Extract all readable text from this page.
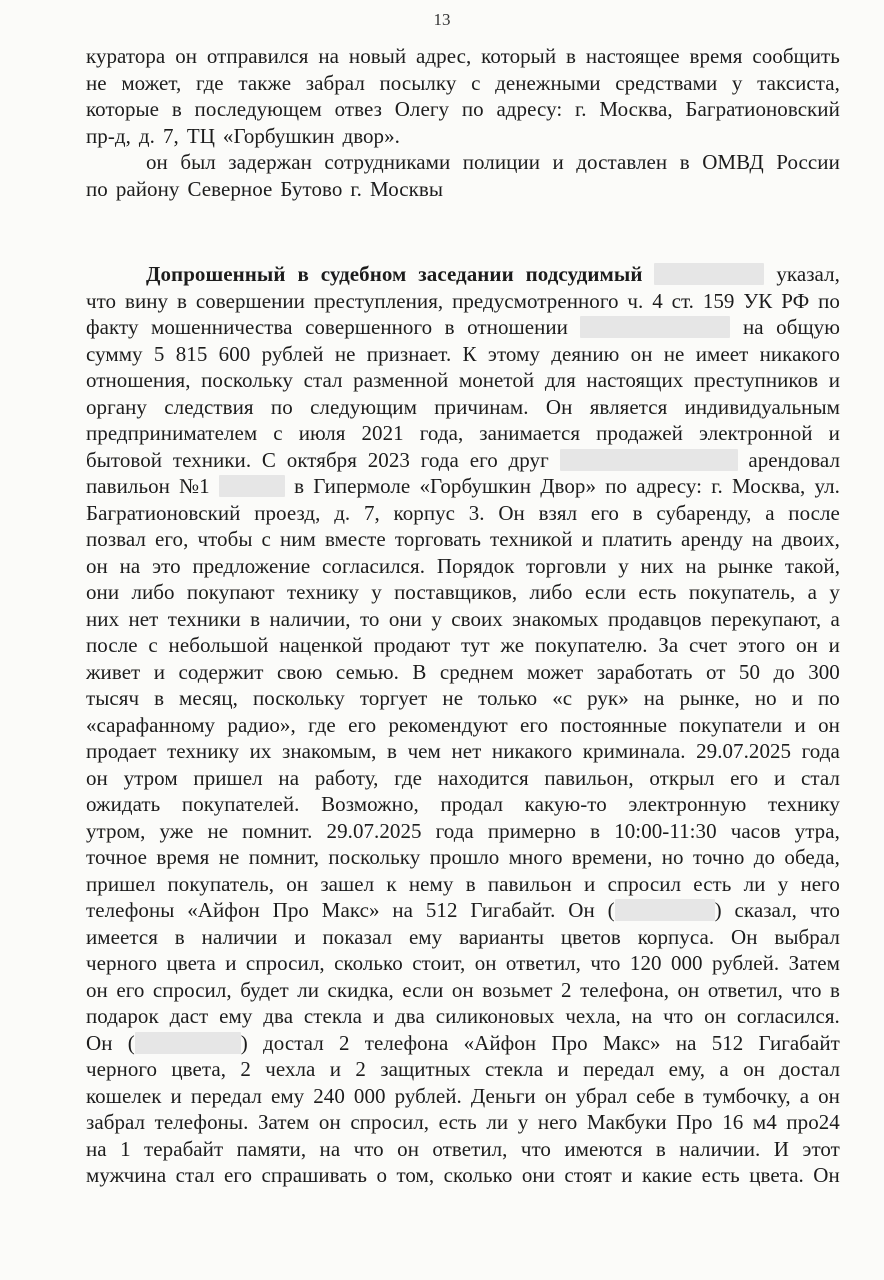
13
куратора он отправился на новый адрес, который в настоящее время сообщить
не может, где также забрал посылку с денежными средствами у таксиста,
которые в последующем отвез Олегу по адресу: г. Москва, Багратионовский
пр-д, д. 7, ТЦ «Горбушкин двор».
он был задержан сотрудниками полиции и доставлен в ОМВД России
по району Северное Бутово г. Москвы
Допрошенный в судебном заседании подсудимый	указал,
что вину в совершении преступления, предусмотренного ч. 4 ст. 159 УК РФ по
факту мошенничества совершенного в отношении	на общую
сумму 5 815 600 рублей не признает. К этому деянию он не имеет никакого
отношения, поскольку стал разменной монетой для настоящих преступников и
органу следствия по следующим причинам. Он является индивидуальным
предпринимателем с июля 2021 года, занимается продажей электронной и
бытовой техники. С октября 2023 года его друг	арендовал
павильон №1	в Гипермоле «Горбушкин Двор» по адресу: г. Москва, ул.
Багратионовский проезд, д. 7, корпус 3. Он взял его в субаренду, а после
позвал его, чтобы с ним вместе торговать техникой и платить аренду на двоих,
он на это предложение согласился. Порядок торговли у них на рынке такой,
они либо покупают технику у поставщиков, либо если есть покупатель, а у
них нет техники в наличии, то они у своих знакомых продавцов перекупают, а
после с небольшой наценкой продают тут же покупателю. За счет этого он и
живет и содержит свою семью. В среднем может заработать от 50 до 300
тысяч в месяц, поскольку торгует не только «с рук» на рынке, но и по
«сарафанному радио», где его рекомендуют его постоянные покупатели и он
продает технику их знакомым, в чем нет никакого криминала. 29.07.2025 года
он утром пришел на работу, где находится павильон, открыл его и стал
ожидать покупателей. Возможно, продал какую-то электронную технику
утром, уже не помнит. 29.07.2025 года примерно в 10:00-11:30 часов утра,
точное время не помнит, поскольку прошло много времени, но точно до обеда,
пришел покупатель, он зашел к нему в павильон и спросил есть ли у него
телефоны «Айфон Про Макс» на 512 Гигабайт. Он (	) сказал, что
имеется в наличии и показал ему варианты цветов корпуса. Он выбрал
черного цвета и спросил, сколько стоит, он ответил, что 120 000 рублей. Затем
он его спросил, будет ли скидка, если он возьмет 2 телефона, он ответил, что в
подарок даст ему два стекла и два силиконовых чехла, на что он согласился.
Он (	) достал 2 телефона «Айфон Про Макс» на 512 Гигабайт
черного цвета, 2 чехла и 2 защитных стекла и передал ему, а он достал
кошелек и передал ему 240 000 рублей. Деньги он убрал себе в тумбочку, а он
забрал телефоны. Затем он спросил, есть ли у него Макбуки Про 16 м4 про24
на 1 терабайт памяти, на что он ответил, что имеются в наличии. И этот
мужчина стал его спрашивать о том, сколько они стоят и какие есть цвета. Он
